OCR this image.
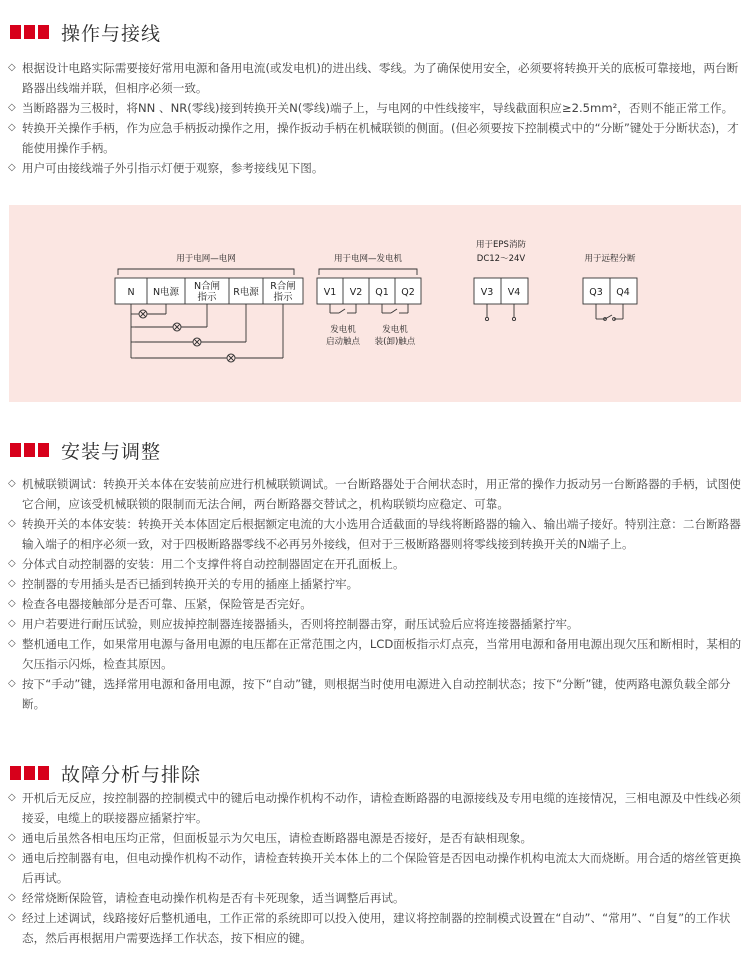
操作与接线
◇ 根据设计电路实际需要接好常用电源和备用电流(或发电机)的进出线、零线。为了确保使用安全，必须要将转换开关的底板可靠接地，两台断路器出线端并联，但相序必须一致。
◇ 当断路器为三极时，将NN 、NR(零线)接到转换开关N(零线)端子上，与电网的中性线接牢，导线截面积应≥2.5mm²，否则不能正常工作。
◇ 转换开关操作手柄，作为应急手柄扳动操作之用，操作扳动手柄在机械联锁的侧面。(但必须要按下控制模式中的“分断”键处于分断状态)，才能使用操作手柄。
◇ 用户可由接线端子外引指示灯便于观察，参考接线见下图。
用于电网—电网	用于电网—发电机
用于EPS消防
DC12～24V	用于远程分断
N N电源
N合闸
指示 R电源
R合闸
指示	V1 V2 Q1 Q2	V3 V4	Q3 Q4
发电机
启动触点
发电机
装(卸)触点
安装与调整
◇ 机械联锁调试：转换开关本体在安装前应进行机械联锁调试。一台断路器处于合闸状态时，用正常的操作力扳动另一台断路器的手柄，试图使它合闸，应该受机械联锁的限制而无法合闸，两台断路器交替试之，机构联锁均应稳定、可靠。
◇ 转换开关的本体安装：转换开关本体固定后根据额定电流的大小选用合适截面的导线将断路器的输入、输出端子接好。特别注意：二台断路器输入端子的相序必须一致，对于四极断路器零线不必再另外接线，但对于三极断路器则将零线接到转换开关的N端子上。
◇ 分体式自动控制器的安装：用二个支撑件将自动控制器固定在开孔面板上。
◇ 控制器的专用插头是否已插到转换开关的专用的插座上插紧拧牢。
◇ 检查各电器接触部分是否可靠、压紧，保险管是否完好。
◇ 用户若要进行耐压试验，则应拔掉控制器连接器插头，否则将控制器击穿，耐压试验后应将连接器插紧拧牢。
◇ 整机通电工作，如果常用电源与备用电源的电压都在正常范围之内，LCD面板指示灯点亮，当常用电源和备用电源出现欠压和断相时，某相的欠压指示闪烁，检查其原因。
◇ 按下“手动”键，选择常用电源和备用电源，按下“自动”键，则根据当时使用电源进入自动控制状态；按下“分断”键，使两路电源负载全部分断。
故障分析与排除
◇ 开机后无反应，按控制器的控制模式中的键后电动操作机构不动作，请检查断路器的电源接线及专用电缆的连接情况，三相电源及中性线必须接妥，电缆上的联接器应插紧拧牢。
◇ 通电后虽然各相电压均正常，但面板显示为欠电压，请检查断路器电源是否接好，是否有缺相现象。
◇ 通电后控制器有电，但电动操作机构不动作，请检查转换开关本体上的二个保险管是否因电动操作机构电流太大而烧断。用合适的熔丝管更换后再试。
◇ 经常烧断保险管，请检查电动操作机构是否有卡死现象，适当调整后再试。
◇ 经过上述调试，线路接好后整机通电，工作正常的系统即可以投入使用，建议将控制器的控制模式设置在“自动”、“常用”、“自复”的工作状态，然后再根据用户需要选择工作状态，按下相应的键。
